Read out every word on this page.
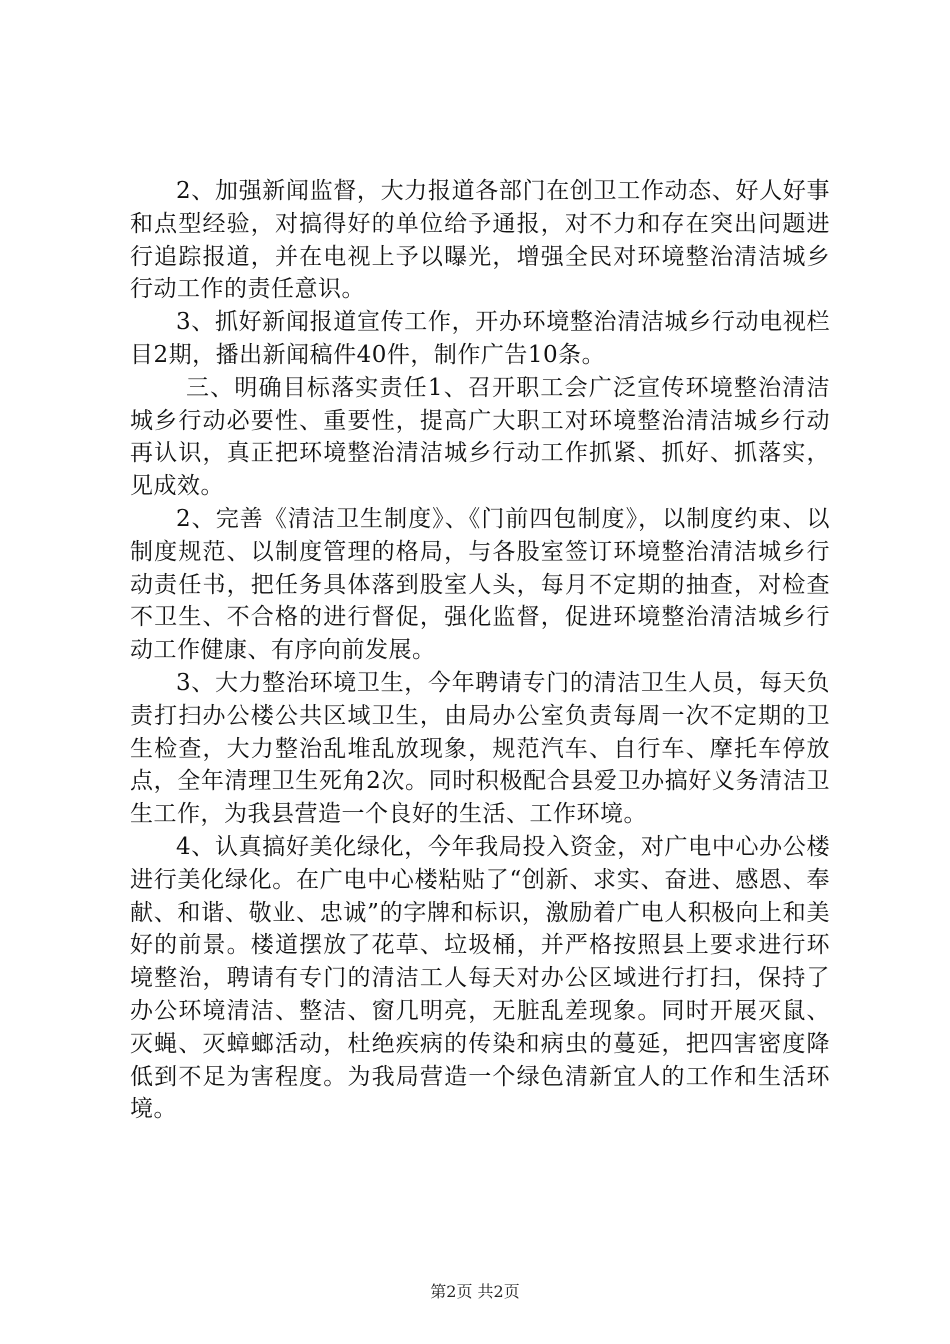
2、加强新闻监督，大力报道各部门在创卫工作动态、好人好事和点型经验，对搞得好的单位给予通报，对不力和存在突出问题进行追踪报道，并在电视上予以曝光，增强全民对环境整治清洁城乡行动工作的责任意识。

3、抓好新闻报道宣传工作，开办环境整治清洁城乡行动电视栏目2期，播出新闻稿件40件，制作广告10条。

三、明确目标落实责任1、召开职工会广泛宣传环境整治清洁城乡行动必要性、重要性，提高广大职工对环境整治清洁城乡行动再认识，真正把环境整治清洁城乡行动工作抓紧、抓好、抓落实，见成效。

2、完善《清洁卫生制度》、《门前四包制度》，以制度约束、以制度规范、以制度管理的格局，与各股室签订环境整治清洁城乡行动责任书，把任务具体落到股室人头，每月不定期的抽查，对检查不卫生、不合格的进行督促，强化监督，促进环境整治清洁城乡行动工作健康、有序向前发展。

3、大力整治环境卫生，今年聘请专门的清洁卫生人员，每天负责打扫办公楼公共区域卫生，由局办公室负责每周一次不定期的卫生检查，大力整治乱堆乱放现象，规范汽车、自行车、摩托车停放点，全年清理卫生死角2次。同时积极配合县爱卫办搞好义务清洁卫生工作，为我县营造一个良好的生活、工作环境。

4、认真搞好美化绿化，今年我局投入资金，对广电中心办公楼进行美化绿化。在广电中心楼粘贴了“创新、求实、奋进、感恩、奉献、和谐、敬业、忠诚”的字牌和标识，激励着广电人积极向上和美好的前景。楼道摆放了花草、垃圾桶，并严格按照县上要求进行环境整治，聘请有专门的清洁工人每天对办公区域进行打扫，保持了办公环境清洁、整洁、窗几明亮，无脏乱差现象。同时开展灭鼠、灭蝇、灭蟑螂活动，杜绝疾病的传染和病虫的蔓延，把四害密度降低到不足为害程度。为我局营造一个绿色清新宜人的工作和生活环境。

第2页 共2页
